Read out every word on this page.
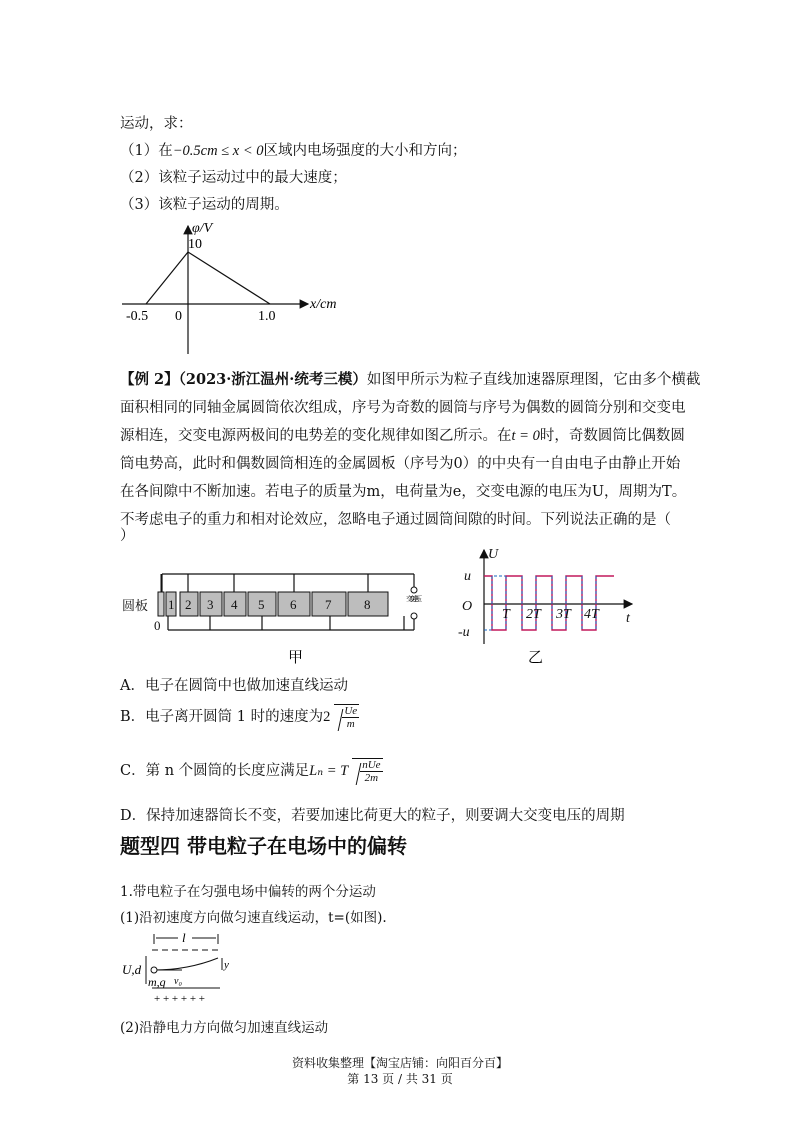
运动，求：
（1）在−0.5cm ≤ x < 0区域内电场强度的大小和方向；
（2）该粒子运动过中的最大速度；
（3）该粒子运动的周期。
φ/V
10
x/cm
-0.5 0	1.0
【例 2】（2023·浙江温州·统考三模）如图甲所示为粒子直线加速器原理图，它由多个横截
面积相同的同轴金属圆筒依次组成，序号为奇数的圆筒与序号为偶数的圆筒分别和交变电
源相连，交变电源两极间的电势差的变化规律如图乙所示。在t = 0时，奇数圆筒比偶数圆
筒电势高，此时和偶数圆筒相连的金属圆板（序号为0）的中央有一自由电子由静止开始
在各间隙中不断加速。若电子的质量为m，电荷量为e，交变电源的电压为U，周期为T。
不考虑电子的重力和相对论效应，忽略电子通过圆筒间隙的时间。下列说法正确的是（
）
圆板 1 2 3 4 5 6 7	8
0
交变电压
甲
U
u
O
-u
t
T 2T 3T 4T
乙
A．电子在圆筒中也做加速直线运动
B．电子离开圆筒 1 时的速度为$2 \frac{Ue}{m}$
C．第 n 个圆筒的长度应满足Lₙ = T $\frac{\text{nUe}}{2m}$
D．保持加速器筒长不变，若要加速比荷更大的粒子，则要调大交变电压的周期
题型四 带电粒子在电场中的偏转
1.带电粒子在匀强电场中偏转的两个分运动
(1)沿初速度方向做匀速直线运动，t=(如图).
l
U,d
v₀
m,q
y
+ + + + + +
(2)沿静电力方向做匀加速直线运动
资料收集整理【淘宝店铺：向阳百分百】
第 13 页 / 共 31 页
